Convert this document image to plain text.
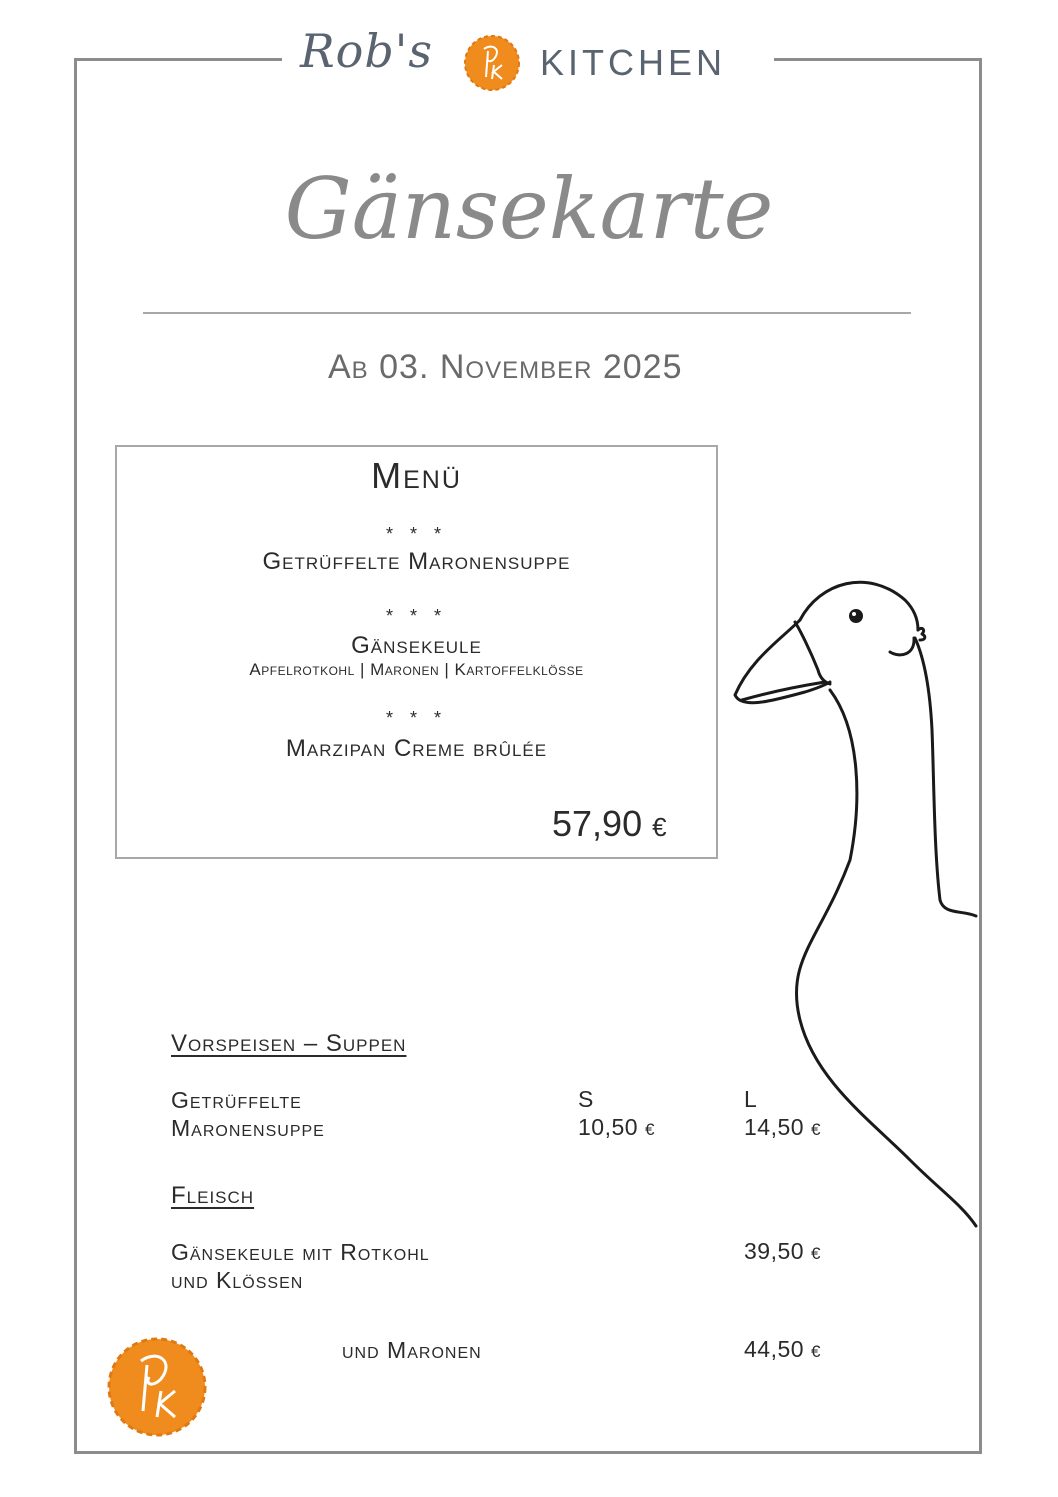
Rob's	KITCHEN
Gänsekarte
Ab 03. November 2025
Menü
* * *
Getrüffelte Maronensuppe
* * *
Gänsekeule
Apfelrotkohl | Maronen | Kartoffelklösse
* * *
Marzipan Creme brûlée
57,90 €
Vorspeisen – Suppen
Getrüffelte
Maronensuppe
S	L
10,50 €	14,50 €
Fleisch
Gänsekeule mit Rotkohl
und Klössen
39,50 €
und Maronen	44,50 €
